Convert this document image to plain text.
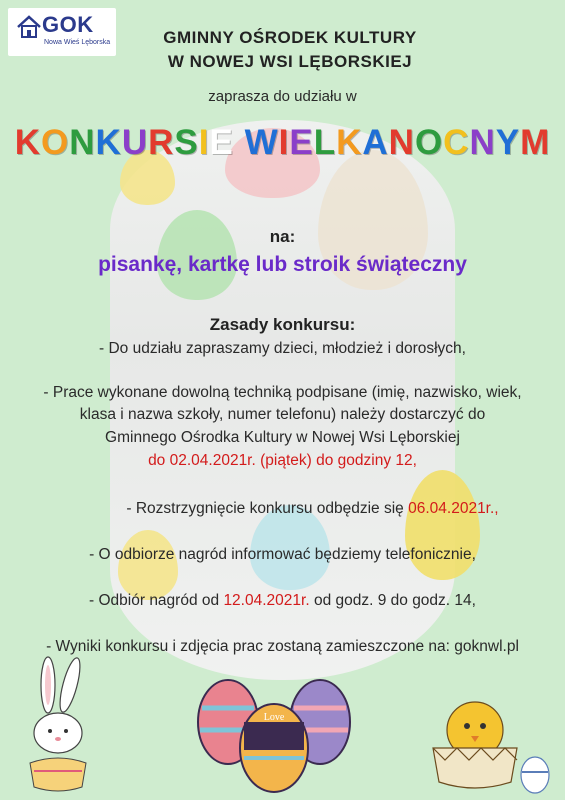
GOK
Nowa Wieś Lęborska	GMINNY OŚRODEK KULTURY
W NOWEJ WSI LĘBORSKIEJ
zaprasza do udziału w
KONKURSIE WIELKANOCNYM
na:
pisankę, kartkę lub stroik świąteczny
Zasady konkursu:
- Do udziału zapraszamy dzieci, młodzież i dorosłych,
- Prace wykonane dowolną techniką podpisane (imię, nazwisko, wiek,
klasa i nazwa szkoły, numer telefonu) należy dostarczyć do
Gminnego Ośrodka Kultury w Nowej Wsi Lęborskiej
do 02.04.2021r. (piątek) do godziny 12,
- Rozstrzygnięcie konkursu odbędzie się 06.04.2021r.,
- O odbiorze nagród informować będziemy telefonicznie,
- Odbiór nagród od 12.04.2021r. od godz. 9 do godz. 14,
- Wyniki konkursu i zdjęcia prac zostaną zamieszczone na: goknwl.pl
Love
